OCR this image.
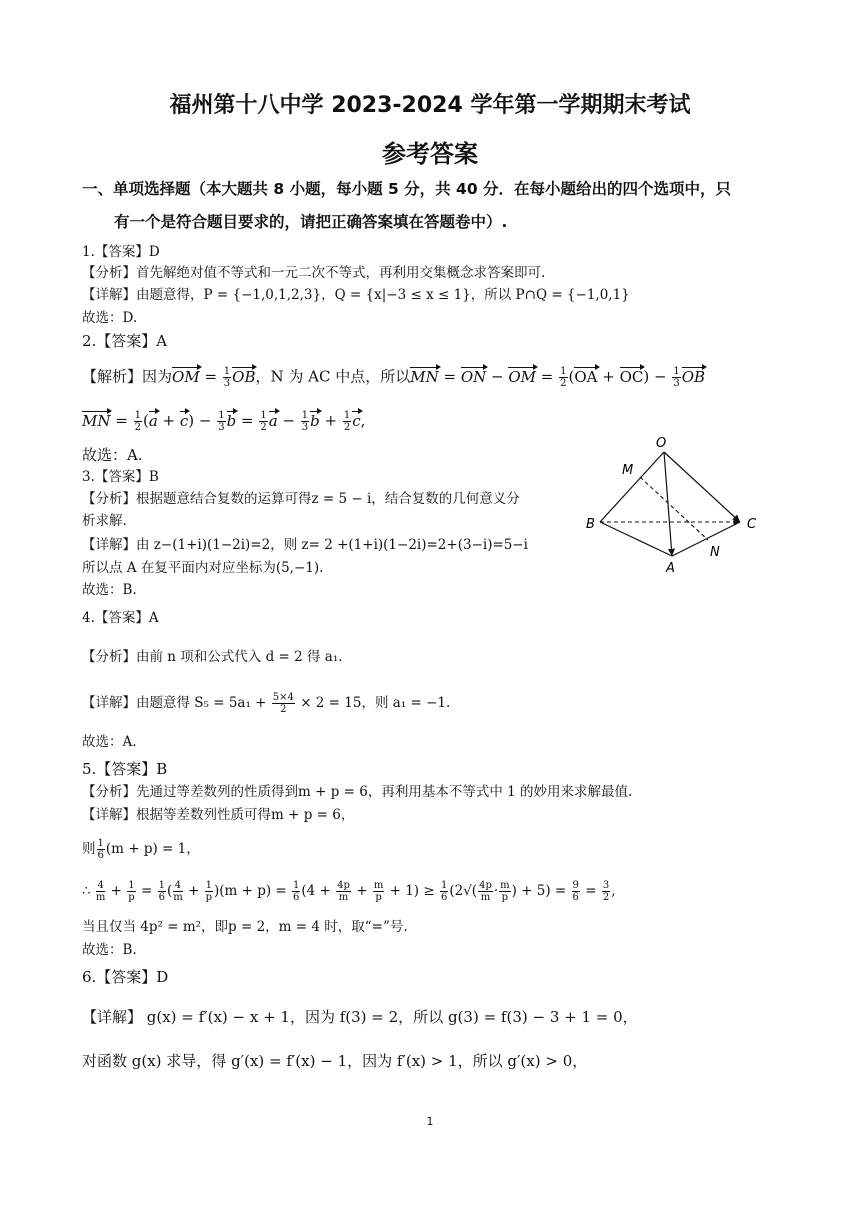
福州第十八中学 2023-2024 学年第一学期期末考试
参考答案
一、单项选择题（本大题共 8 小题，每小题 5 分，共 40 分．在每小题给出的四个选项中，只
有一个是符合题目要求的，请把正确答案填在答题卷中）.
1.【答案】D
【分析】首先解绝对值不等式和一元二次不等式，再利用交集概念求答案即可.
【详解】由题意得，P = {−1,0,1,2,3}，Q = {x|−3 ≤ x ≤ 1}，所以 P∩Q = {−1,0,1}
故选：D.
2.【答案】A
【解析】因为OM = $\frac{1}{3}$ OB，N 为 AC 中点，所以MN = ON − OM = $\frac{1}{2} (OA + OC) - \frac{1}{3}$ OB
MN = $\frac{1}{2} (a + c) - \frac{1}{3}$ $b = \frac{1}{2}$ $a - \frac{1}{3}$ $b + \frac{1}{2} c$,
故选：A.
O
M
B	C
N
A
3.【答案】B
【分析】根据题意结合复数的运算可得z = 5 − i，结合复数的几何意义分
析求解.
【详解】由 z−(1+i)(1−2i)=2，则 z= 2 +(1+i)(1−2i)=2+(3−i)=5−i
所以点 A 在复平面内对应坐标为(5,−1).
故选：B.
4.【答案】A
【分析】由前 n 项和公式代入 d = 2 得 a₁.
【详解】由题意得 $S_5 = 5a_1 + \frac{5\times 4}{2} \times 2 = 15$，则 a₁ = −1.
故选：A.
5.【答案】B
【分析】先通过等差数列的性质得到m + p = 6，再利用基本不等式中 1 的妙用来求解最值.
【详解】根据等差数列性质可得m + p = 6，
则 $\frac{1}{6} (m + p) = 1$，
∴ $\frac{4}{m} + \frac{1}{p} = \frac{1}{6}$ ( $\frac{4}{m} + \frac{1}{p} )(m + p) = \frac{1}{6} (4 + \frac{4p}{m} + \frac{m}{p} + 1) \ge \frac{1}{6} (2√( \frac{4p}{m} \cdot \frac{m}{p}$ ) + $5) = \frac{9}{6} = \frac{3}{2}$ ,
当且仅当 4p² = m²，即p = 2，m = 4 时，取“=”号.
故选：B.
6.【答案】D
【详解】 g(x) = f′(x) − x + 1，因为 f(3) = 2，所以 g(3) = f(3) − 3 + 1 = 0，
对函数 g(x) 求导，得 g′(x) = f′(x) − 1，因为 f′(x) > 1，所以 g′(x) > 0，
1
